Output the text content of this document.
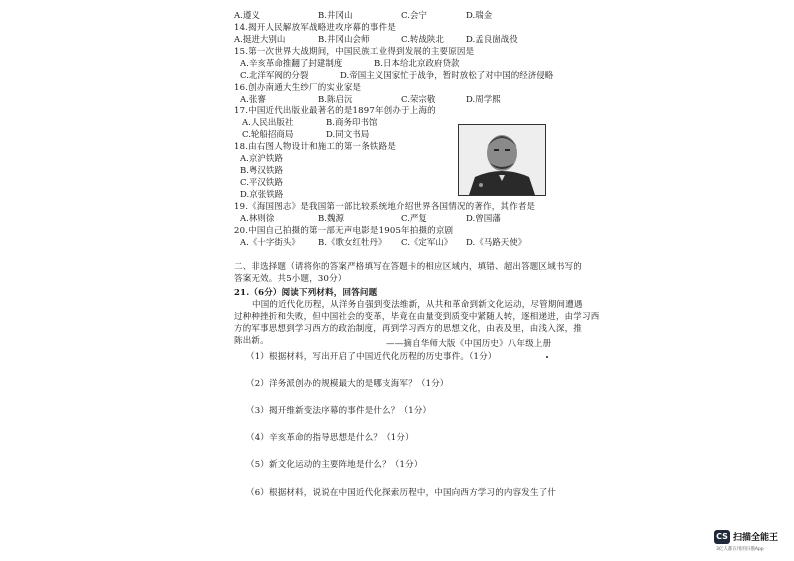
A.遵义	B.井冈山	C.会宁	D.瑞金
14.揭开人民解放军战略进攻序幕的事件是
A.挺进大别山	B.井冈山会师	C.转战陕北	D.孟良崮战役
15.第一次世界大战期间，中国民族工业得到发展的主要原因是
A.辛亥革命推翻了封建制度	B.日本给北京政府贷款
C.北洋军阀的分裂	D.帝国主义国家忙于战争，暂时放松了对中国的经济侵略
16.创办南通大生纱厂的实业家是
A.张謇	B.陈启沅	C.荣宗敬	D.周学熙
17.中国近代出版业最著名的是1897年创办于上海的
A.人民出版社	B.商务印书馆
C.轮船招商局	D.同文书局
18.由右图人物设计和施工的第一条铁路是
A.京沪铁路
B.粤汉铁路
C.平汉铁路
D.京张铁路
19.《海国图志》是我国第一部比较系统地介绍世界各国情况的著作，其作者是
A.林则徐	B.魏源	C.严复	D.曾国藩
20.中国自己拍摄的第一部无声电影是1905年拍摄的京剧
A.《十字街头》 B.《歌女红牡丹》 C.《定军山》 D.《马路天使》
二、非选择题（请将你的答案严格填写在答题卡的相应区域内，填错、超出答题区域书写的
答案无效。共5小题，30分）
21.（6分）阅读下列材料，回答问题
中国的近代化历程，从洋务自强到变法维新，从共和革命到新文化运动，尽管期间遭遇
过种种挫折和失败，但中国社会的变革，毕竟在由量变到质变中紧随人转，逐相递进，由学习西
方的军事思想到学习西方的政治制度，再到学习西方的思想文化，由表及里，由浅入深，推
陈出新。	——摘自华师大版《中国历史》八年级上册
（1）根据材料，写出开启了中国近代化历程的历史事件。（1分）
（2）洋务派创办的规模最大的是哪支海军？（1分）
（3）揭开维新变法序幕的事件是什么？（1分）
（4）辛亥革命的指导思想是什么？（1分）
（5）新文化运动的主要阵地是什么？（1分）
（6）根据材料，说说在中国近代化探索历程中，中国向西方学习的内容发生了什
CS 扫描全能王
3亿人都在用的扫描App
